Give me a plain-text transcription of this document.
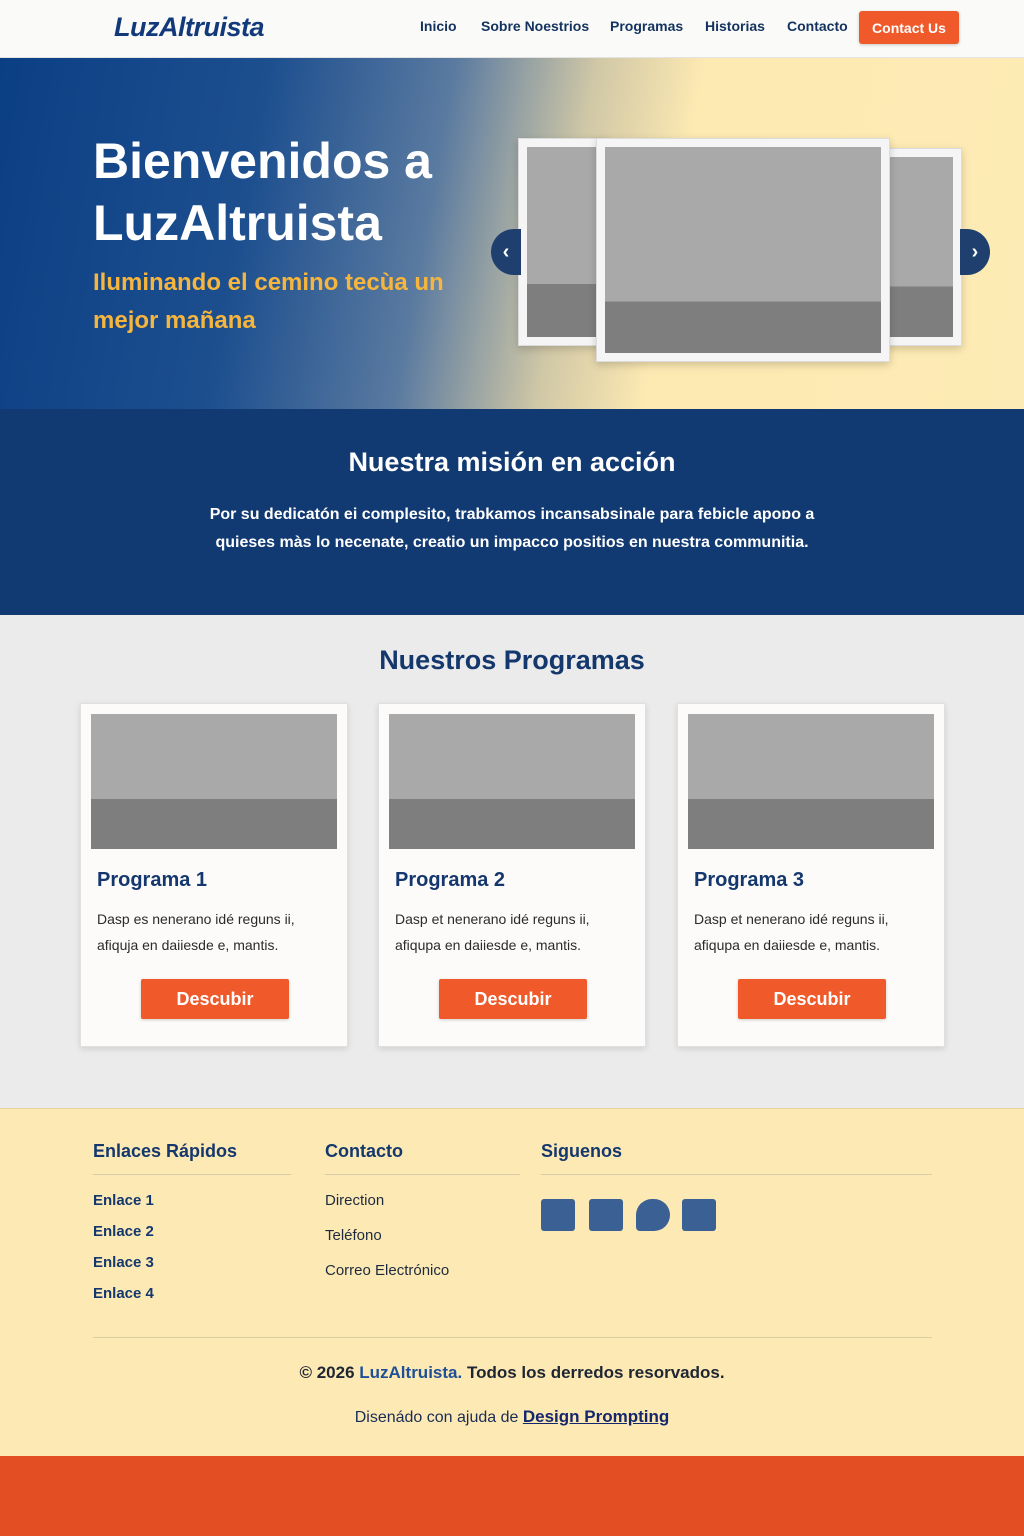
LuzAltruista	Inicio Sobre Noestrios Programas Historias Contacto	Contact Us
Bienvenidos a
LuzAltruista
Iluminando el cemino tecùa un mejor mañana
‹	›
Nuestra misión en acción
Por su dedicatón ei complesito, trabkamos incansabsinale para febicle apoɒo a quieses màs lo necenate, creatio un impacco positios en nuestra communitia.
Nuestros Programas
Programa 1
Dasp es nenerano idé reguns ii, afiquja en daiiesde e, mantis.
Descubir
Programa 2
Dasp et nenerano idé reguns ii, afiqupa en daiiesde e, mantis.
Descubir
Programa 3
Dasp et nenerano idé reguns ii, afiqupa en daiiesde e, mantis.
Descubir
Enlaces Rápidos
Enlace 1
Enlace 2
Enlace 3
Enlace 4
Contacto
Direction
Teléfono
Correo Electrónico
Siguenos
© 2026 LuzAltruista. Todos los derredos resorvados.
Disenádo con ajuda de Design Prompting
